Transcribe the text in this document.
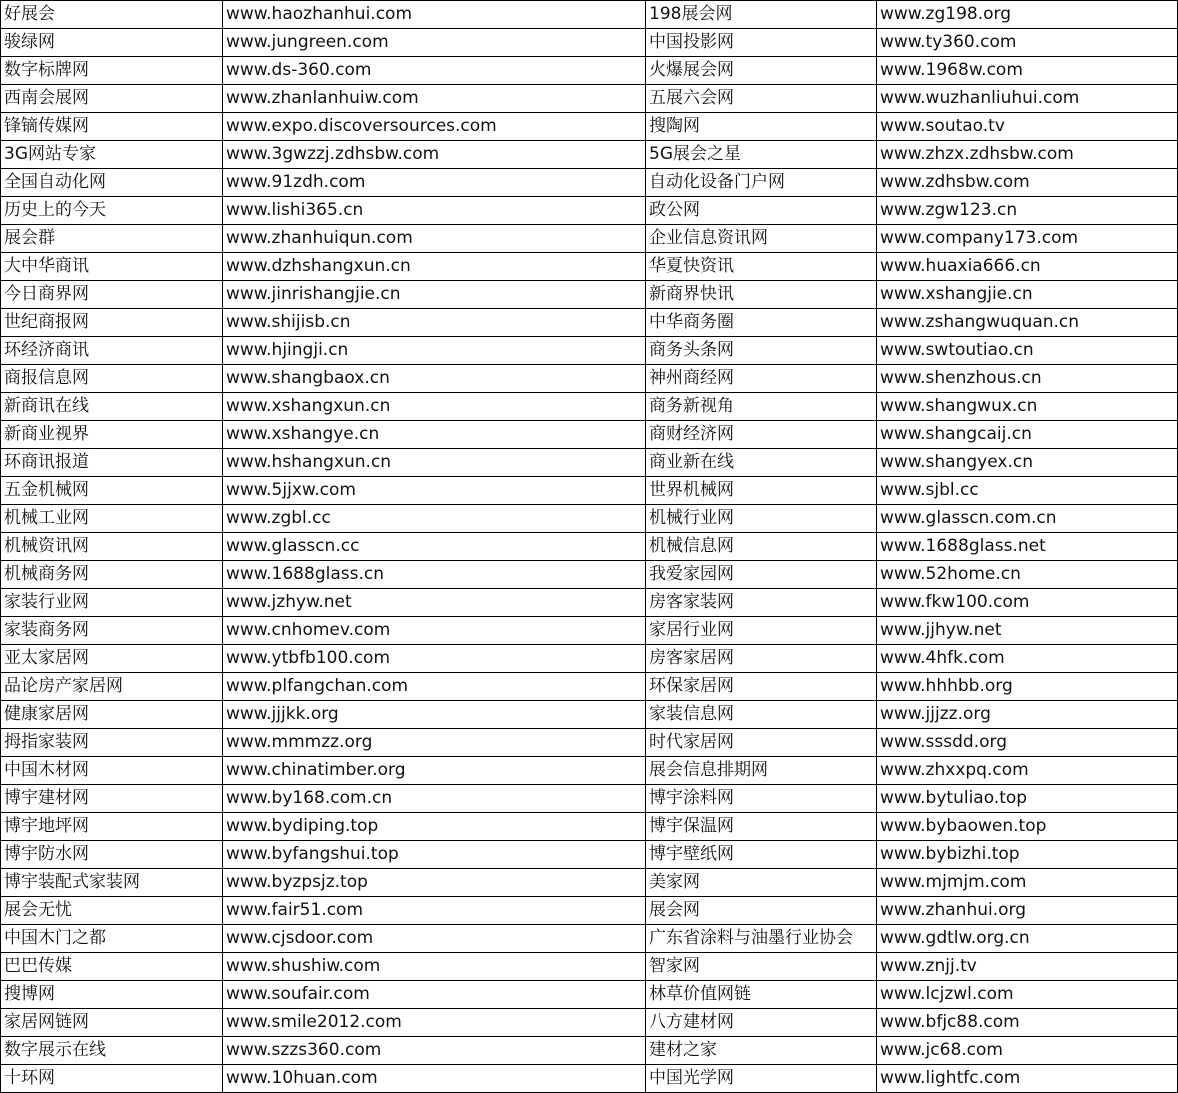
好展会	www.haozhanhui.com	198展会网	www.zg198.org
骏绿网	www.jungreen.com	中国投影网	www.ty360.com
数字标牌网	www.ds-360.com	火爆展会网	www.1968w.com
西南会展网	www.zhanlanhuiw.com	五展六会网	www.wuzhanliuhui.com
锋镝传媒网	www.expo.discoversources.com	搜陶网	www.soutao.tv
3G网站专家	www.3gwzzj.zdhsbw.com	5G展会之星	www.zhzx.zdhsbw.com
全国自动化网	www.91zdh.com	自动化设备门户网	www.zdhsbw.com
历史上的今天	www.lishi365.cn	政公网	www.zgw123.cn
展会群	www.zhanhuiqun.com	企业信息资讯网	www.company173.com
大中华商讯	www.dzhshangxun.cn	华夏快资讯	www.huaxia666.cn
今日商界网	www.jinrishangjie.cn	新商界快讯	www.xshangjie.cn
世纪商报网	www.shijisb.cn	中华商务圈	www.zshangwuquan.cn
环经济商讯	www.hjingji.cn	商务头条网	www.swtoutiao.cn
商报信息网	www.shangbaox.cn	神州商经网	www.shenzhous.cn
新商讯在线	www.xshangxun.cn	商务新视角	www.shangwux.cn
新商业视界	www.xshangye.cn	商财经济网	www.shangcaij.cn
环商讯报道	www.hshangxun.cn	商业新在线	www.shangyex.cn
五金机械网	www.5jjxw.com	世界机械网	www.sjbl.cc
机械工业网	www.zgbl.cc	机械行业网	www.glasscn.com.cn
机械资讯网	www.glasscn.cc	机械信息网	www.1688glass.net
机械商务网	www.1688glass.cn	我爱家园网	www.52home.cn
家装行业网	www.jzhyw.net	房客家装网	www.fkw100.com
家装商务网	www.cnhomev.com	家居行业网	www.jjhyw.net
亚太家居网	www.ytbfb100.com	房客家居网	www.4hfk.com
品论房产家居网	www.plfangchan.com	环保家居网	www.hhhbb.org
健康家居网	www.jjjkk.org	家装信息网	www.jjjzz.org
拇指家装网	www.mmmzz.org	时代家居网	www.sssdd.org
中国木材网	www.chinatimber.org	展会信息排期网	www.zhxxpq.com
博宇建材网	www.by168.com.cn	博宇涂料网	www.bytuliao.top
博宇地坪网	www.bydiping.top	博宇保温网	www.bybaowen.top
博宇防水网	www.byfangshui.top	博宇壁纸网	www.bybizhi.top
博宇装配式家装网	www.byzpsjz.top	美家网	www.mjmjm.com
展会无忧	www.fair51.com	展会网	www.zhanhui.org
中国木门之都	www.cjsdoor.com	广东省涂料与油墨行业协会	www.gdtlw.org.cn
巴巴传媒	www.shushiw.com	智家网	www.znjj.tv
搜博网	www.soufair.com	林草价值网链	www.lcjzwl.com
家居网链网	www.smile2012.com	八方建材网	www.bfjc88.com
数字展示在线	www.szzs360.com	建材之家	www.jc68.com
十环网	www.10huan.com	中国光学网	www.lightfc.com
